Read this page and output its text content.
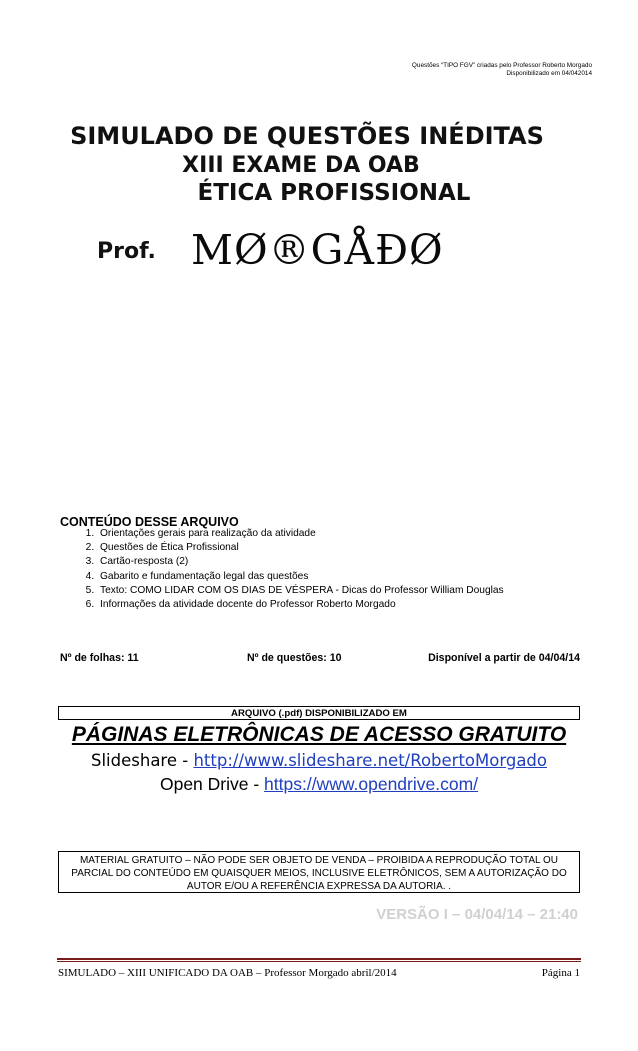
Questões “TIPO FGV” criadas pelo Professor Roberto Morgado
Disponibilizado em 04/042014
SIMULADO DE QUESTÕES INÉDITAS
XIII EXAME DA OAB
ÉTICA PROFISSIONAL
Prof. MØ®GÅÐØ
CONTEÚDO DESSE ARQUIVO
1. Orientações gerais para realização da atividade
2. Questões de Ética Profissional
3. Cartão-resposta (2)
4. Gabarito e fundamentação legal das questões
5. Texto: COMO LIDAR COM OS DIAS DE VÉSPERA - Dicas do Professor William Douglas
6. Informações da atividade docente do Professor Roberto Morgado
Nº de folhas: 11	Nº de questões: 10	Disponível a partir de 04/04/14
ARQUIVO (.pdf) DISPONIBILIZADO EM
PÁGINAS ELETRÔNICAS DE ACESSO GRATUITO
Slideshare - http://www.slideshare.net/RobertoMorgado
Open Drive - https://www.opendrive.com/
MATERIAL GRATUITO – NÃO PODE SER OBJETO DE VENDA – PROIBIDA A REPRODUÇÃO TOTAL OU
PARCIAL DO CONTEÚDO EM QUAISQUER MEIOS, INCLUSIVE ELETRÔNICOS, SEM A AUTORIZAÇÃO DO
AUTOR E/OU A REFERÊNCIA EXPRESSA DA AUTORIA. .
VERSÃO I – 04/04/14 – 21:40
SIMULADO – XIII UNIFICADO DA OAB – Professor Morgado abril/2014	Página 1
